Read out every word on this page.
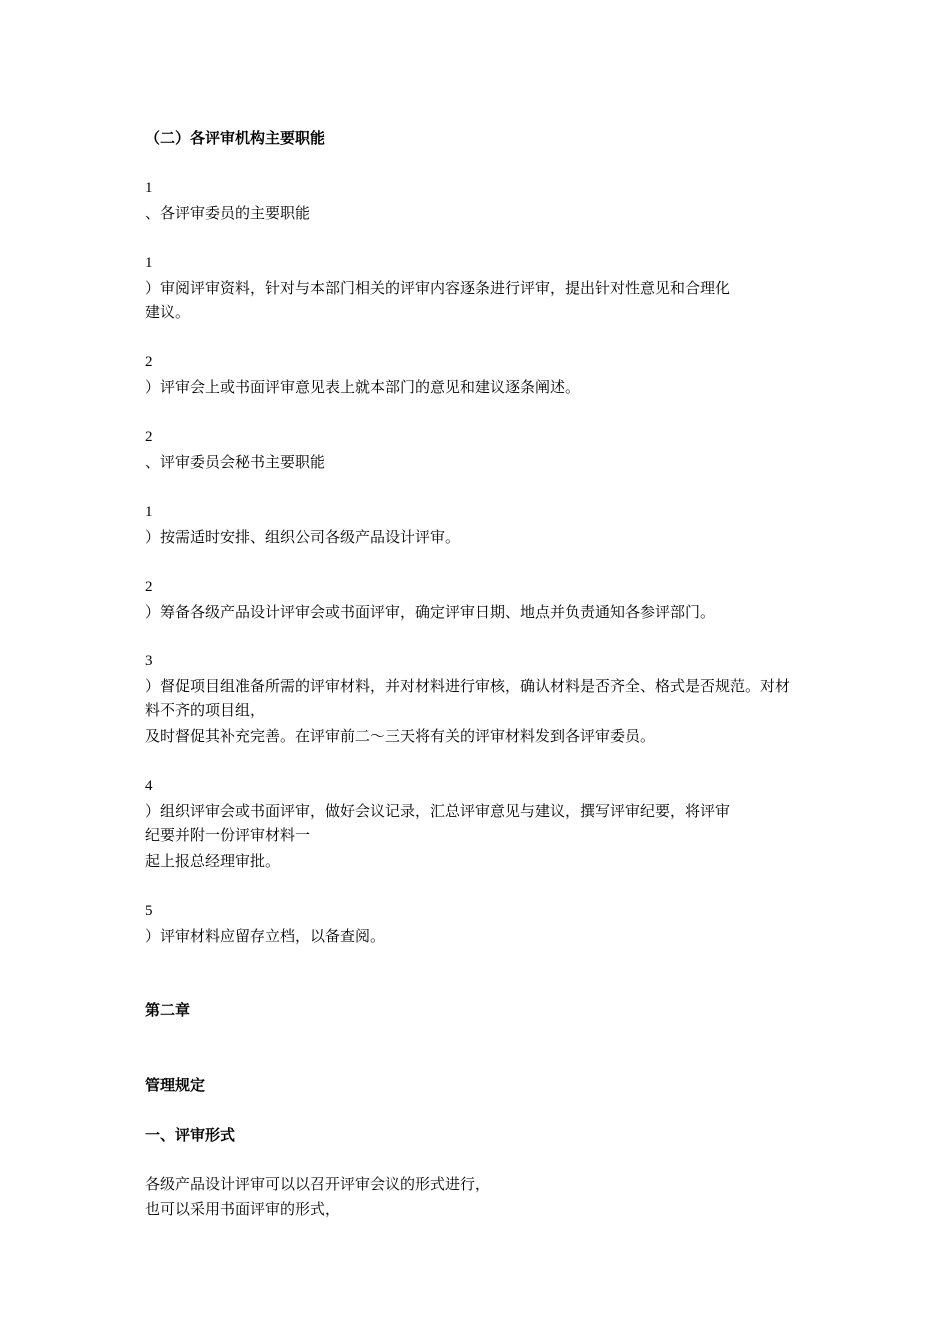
（二）各评审机构主要职能
1
、各评审委员的主要职能
1
）审阅评审资料，针对与本部门相关的评审内容逐条进行评审，提出针对性意见和合理化
建议。
2
）评审会上或书面评审意见表上就本部门的意见和建议逐条阐述。
2
、评审委员会秘书主要职能
1
）按需适时安排、组织公司各级产品设计评审。
2
）筹备各级产品设计评审会或书面评审，确定评审日期、地点并负责通知各参评部门。
3
）督促项目组准备所需的评审材料，并对材料进行审核，确认材料是否齐全、格式是否规范。对材
料不齐的项目组，
及时督促其补充完善。在评审前二～三天将有关的评审材料发到各评审委员。
4
）组织评审会或书面评审，做好会议记录，汇总评审意见与建议，撰写评审纪要，将评审
纪要并附一份评审材料一
起上报总经理审批。
5
）评审材料应留存立档，以备查阅。
第二章
管理规定
一、评审形式
各级产品设计评审可以以召开评审会议的形式进行，
也可以采用书面评审的形式，
